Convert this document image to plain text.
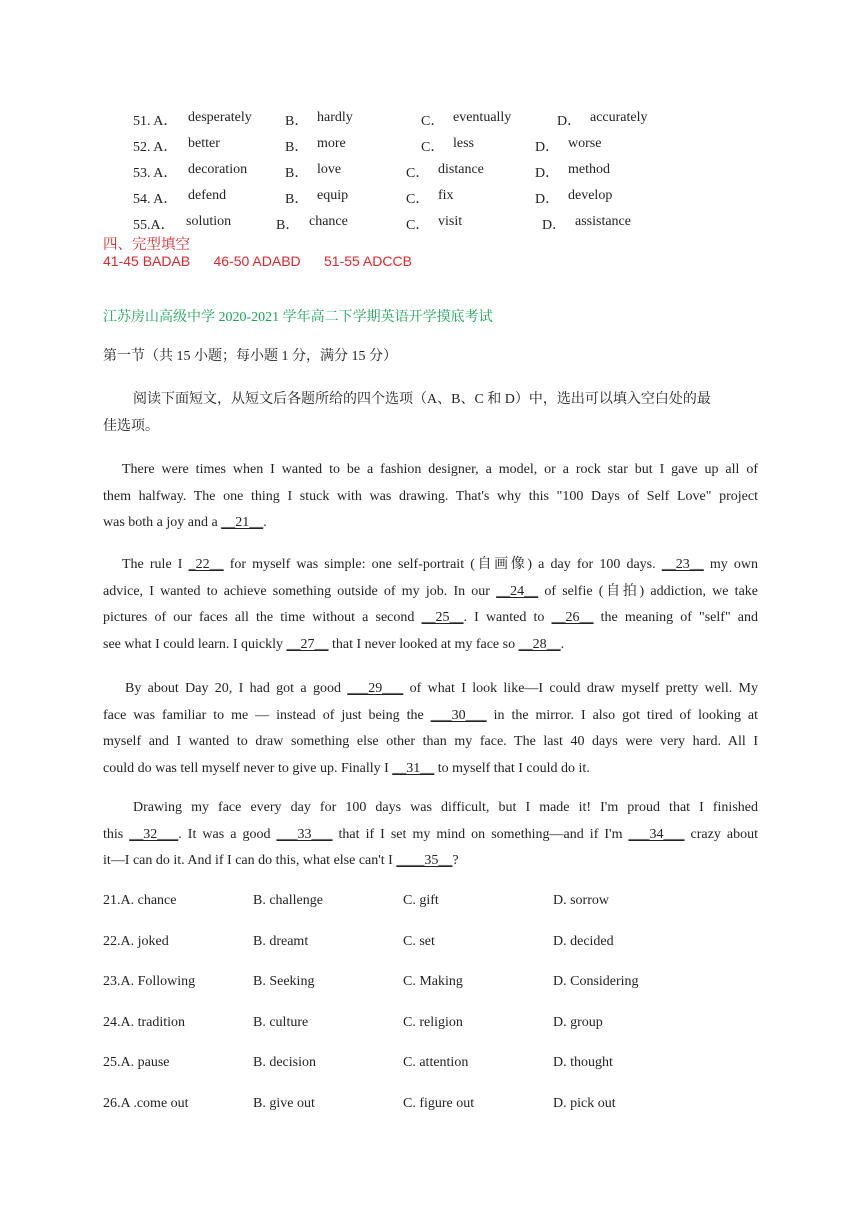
51. A． desperately B． hardly	C． eventually	D． accurately
52. A． better	B． more	C． less	D． worse
53. A． decoration	B． love	C． distance	D． method
54. A． defend	B． equip	C． fix	D． develop
55.A． solution	B． chance	C． visit	D． assistance
四、完型填空
41-45 BADAB      46-50 ADABD      51-55 ADCCB
江苏房山高级中学 2020-2021 学年高二下学期英语开学摸底考试
第一节（共 15 小题；每小题 1 分，满分 15 分）
阅读下面短文，从短文后各题所给的四个选项（A、B、C 和 D）中，选出可以填入空白处的最
佳选项。
There were times when I wanted to be a fashion designer, a model, or a rock star but I gave up all of
them halfway. The one thing I stuck with was drawing. That's why this "100 Days of Self Love" project
was both a joy and a __21__.
The rule I _22__ for myself was simple: one self-portrait (自画像) a day for 100 days. __23__ my own
advice, I wanted to achieve something outside of my job. In our __24__ of selfie (自拍) addiction, we take
pictures of our faces all the time without a second __25__. I wanted to __26__ the meaning of "self" and
see what I could learn. I quickly __27__ that I never looked at my face so __28__.
By about Day 20, I had got a good ___29___ of what I look like—I could draw myself pretty well. My
face was familiar to me — instead of just being the ___30___ in the mirror. I also got tired of looking at
myself and I wanted to draw something else other than my face. The last 40 days were very hard. All I
could do was tell myself never to give up. Finally I __31__ to myself that I could do it.
Drawing my face every day for 100 days was difficult, but I made it! I'm proud that I finished
this __32___. It was a good ___33___ that if I set my mind on something—and if I'm ___34___ crazy about
it—I can do it. And if I can do this, what else can't I ____35__?
21.A. chance	B. challenge	C. gift	D. sorrow
22.A. joked	B. dreamt	C. set	D. decided
23.A. Following	B. Seeking	C. Making	D. Considering
24.A. tradition	B. culture	C. religion	D. group
25.A. pause	B. decision	C. attention	D. thought
26.A .come out	B. give out	C. figure out	D. pick out
